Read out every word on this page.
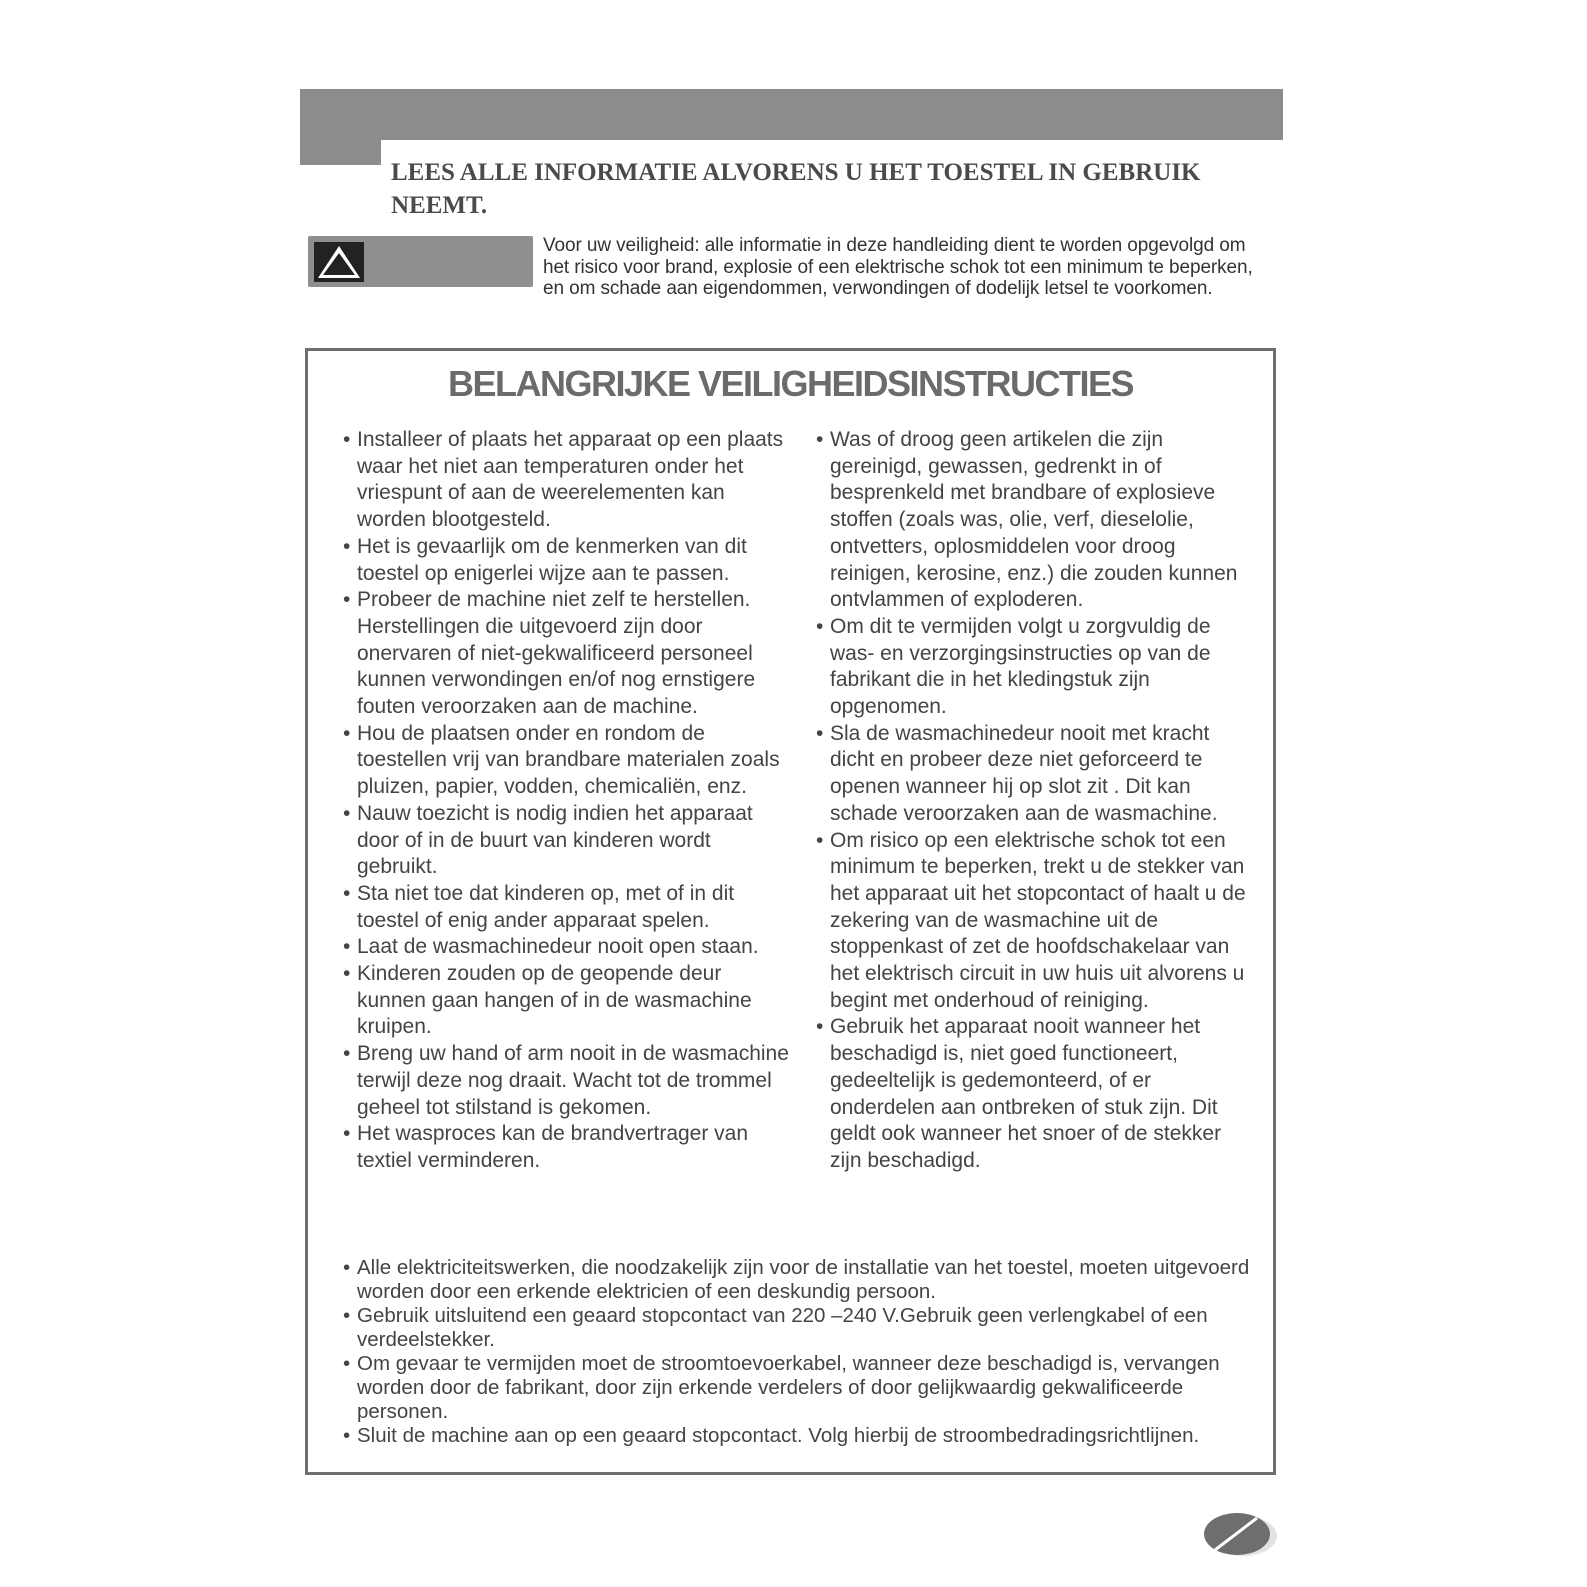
LEES ALLE INFORMATIE ALVORENS U HET TOESTEL IN GEBRUIK NEEMT.

Voor uw veiligheid: alle informatie in deze handleiding dient te worden opgevolgd om het risico voor brand, explosie of een elektrische schok tot een minimum te beperken, en om schade aan eigendommen, verwondingen of dodelijk letsel te voorkomen.

BELANGRIJKE VEILIGHEIDSINSTRUCTIES
• Installeer of plaats het apparaat op een plaats waar het niet aan temperaturen onder het vriespunt of aan de weerelementen kan worden blootgesteld.
• Het is gevaarlijk om de kenmerken van dit toestel op enigerlei wijze aan te passen.
• Probeer de machine niet zelf te herstellen. Herstellingen die uitgevoerd zijn door onervaren of niet-gekwalificeerd personeel kunnen verwondingen en/of nog ernstigere fouten veroorzaken aan de machine.
• Hou de plaatsen onder en rondom de toestellen vrij van brandbare materialen zoals pluizen, papier, vodden, chemicaliën, enz.
• Nauw toezicht is nodig indien het apparaat door of in de buurt van kinderen wordt gebruikt.
• Sta niet toe dat kinderen op, met of in dit toestel of enig ander apparaat spelen.
• Laat de wasmachinedeur nooit open staan.
• Kinderen zouden op de geopende deur kunnen gaan hangen of in de wasmachine kruipen.
• Breng uw hand of arm nooit in de wasmachine terwijl deze nog draait. Wacht tot de trommel geheel tot stilstand is gekomen.
• Het wasproces kan de brandvertrager van textiel verminderen.
• Was of droog geen artikelen die zijn gereinigd, gewassen, gedrenkt in of besprenkeld met brandbare of explosieve stoffen (zoals was, olie, verf, dieselolie, ontvetters, oplosmiddelen voor droog reinigen, kerosine, enz.) die zouden kunnen ontvlammen of exploderen.
• Om dit te vermijden volgt u zorgvuldig de was- en verzorgingsinstructies op van de fabrikant die in het kledingstuk zijn opgenomen.
• Sla de wasmachinedeur nooit met kracht dicht en probeer deze niet geforceerd te openen wanneer hij op slot zit . Dit kan schade veroorzaken aan de wasmachine.
• Om risico op een elektrische schok tot een minimum te beperken, trekt u de stekker van het apparaat uit het stopcontact of haalt u de zekering van de wasmachine uit de stoppenkast of zet de hoofdschakelaar van het elektrisch circuit in uw huis uit alvorens u begint met onderhoud of reiniging.
• Gebruik het apparaat nooit wanneer het beschadigd is, niet goed functioneert, gedeeltelijk is gedemonteerd, of er onderdelen aan ontbreken of stuk zijn. Dit geldt ook wanneer het snoer of de stekker zijn beschadigd.
• Alle elektriciteitswerken, die noodzakelijk zijn voor de installatie van het toestel, moeten uitgevoerd worden door een erkende elektricien of een deskundig persoon.
• Gebruik uitsluitend een geaard stopcontact van 220 –240 V.Gebruik geen verlengkabel of een verdeelstekker.
• Om gevaar te vermijden moet de stroomtoevoerkabel, wanneer deze beschadigd is, vervangen worden door de fabrikant, door zijn erkende verdelers of door gelijkwaardig gekwalificeerde personen.
• Sluit de machine aan op een geaard stopcontact. Volg hierbij de stroombedradingsrichtlijnen.
